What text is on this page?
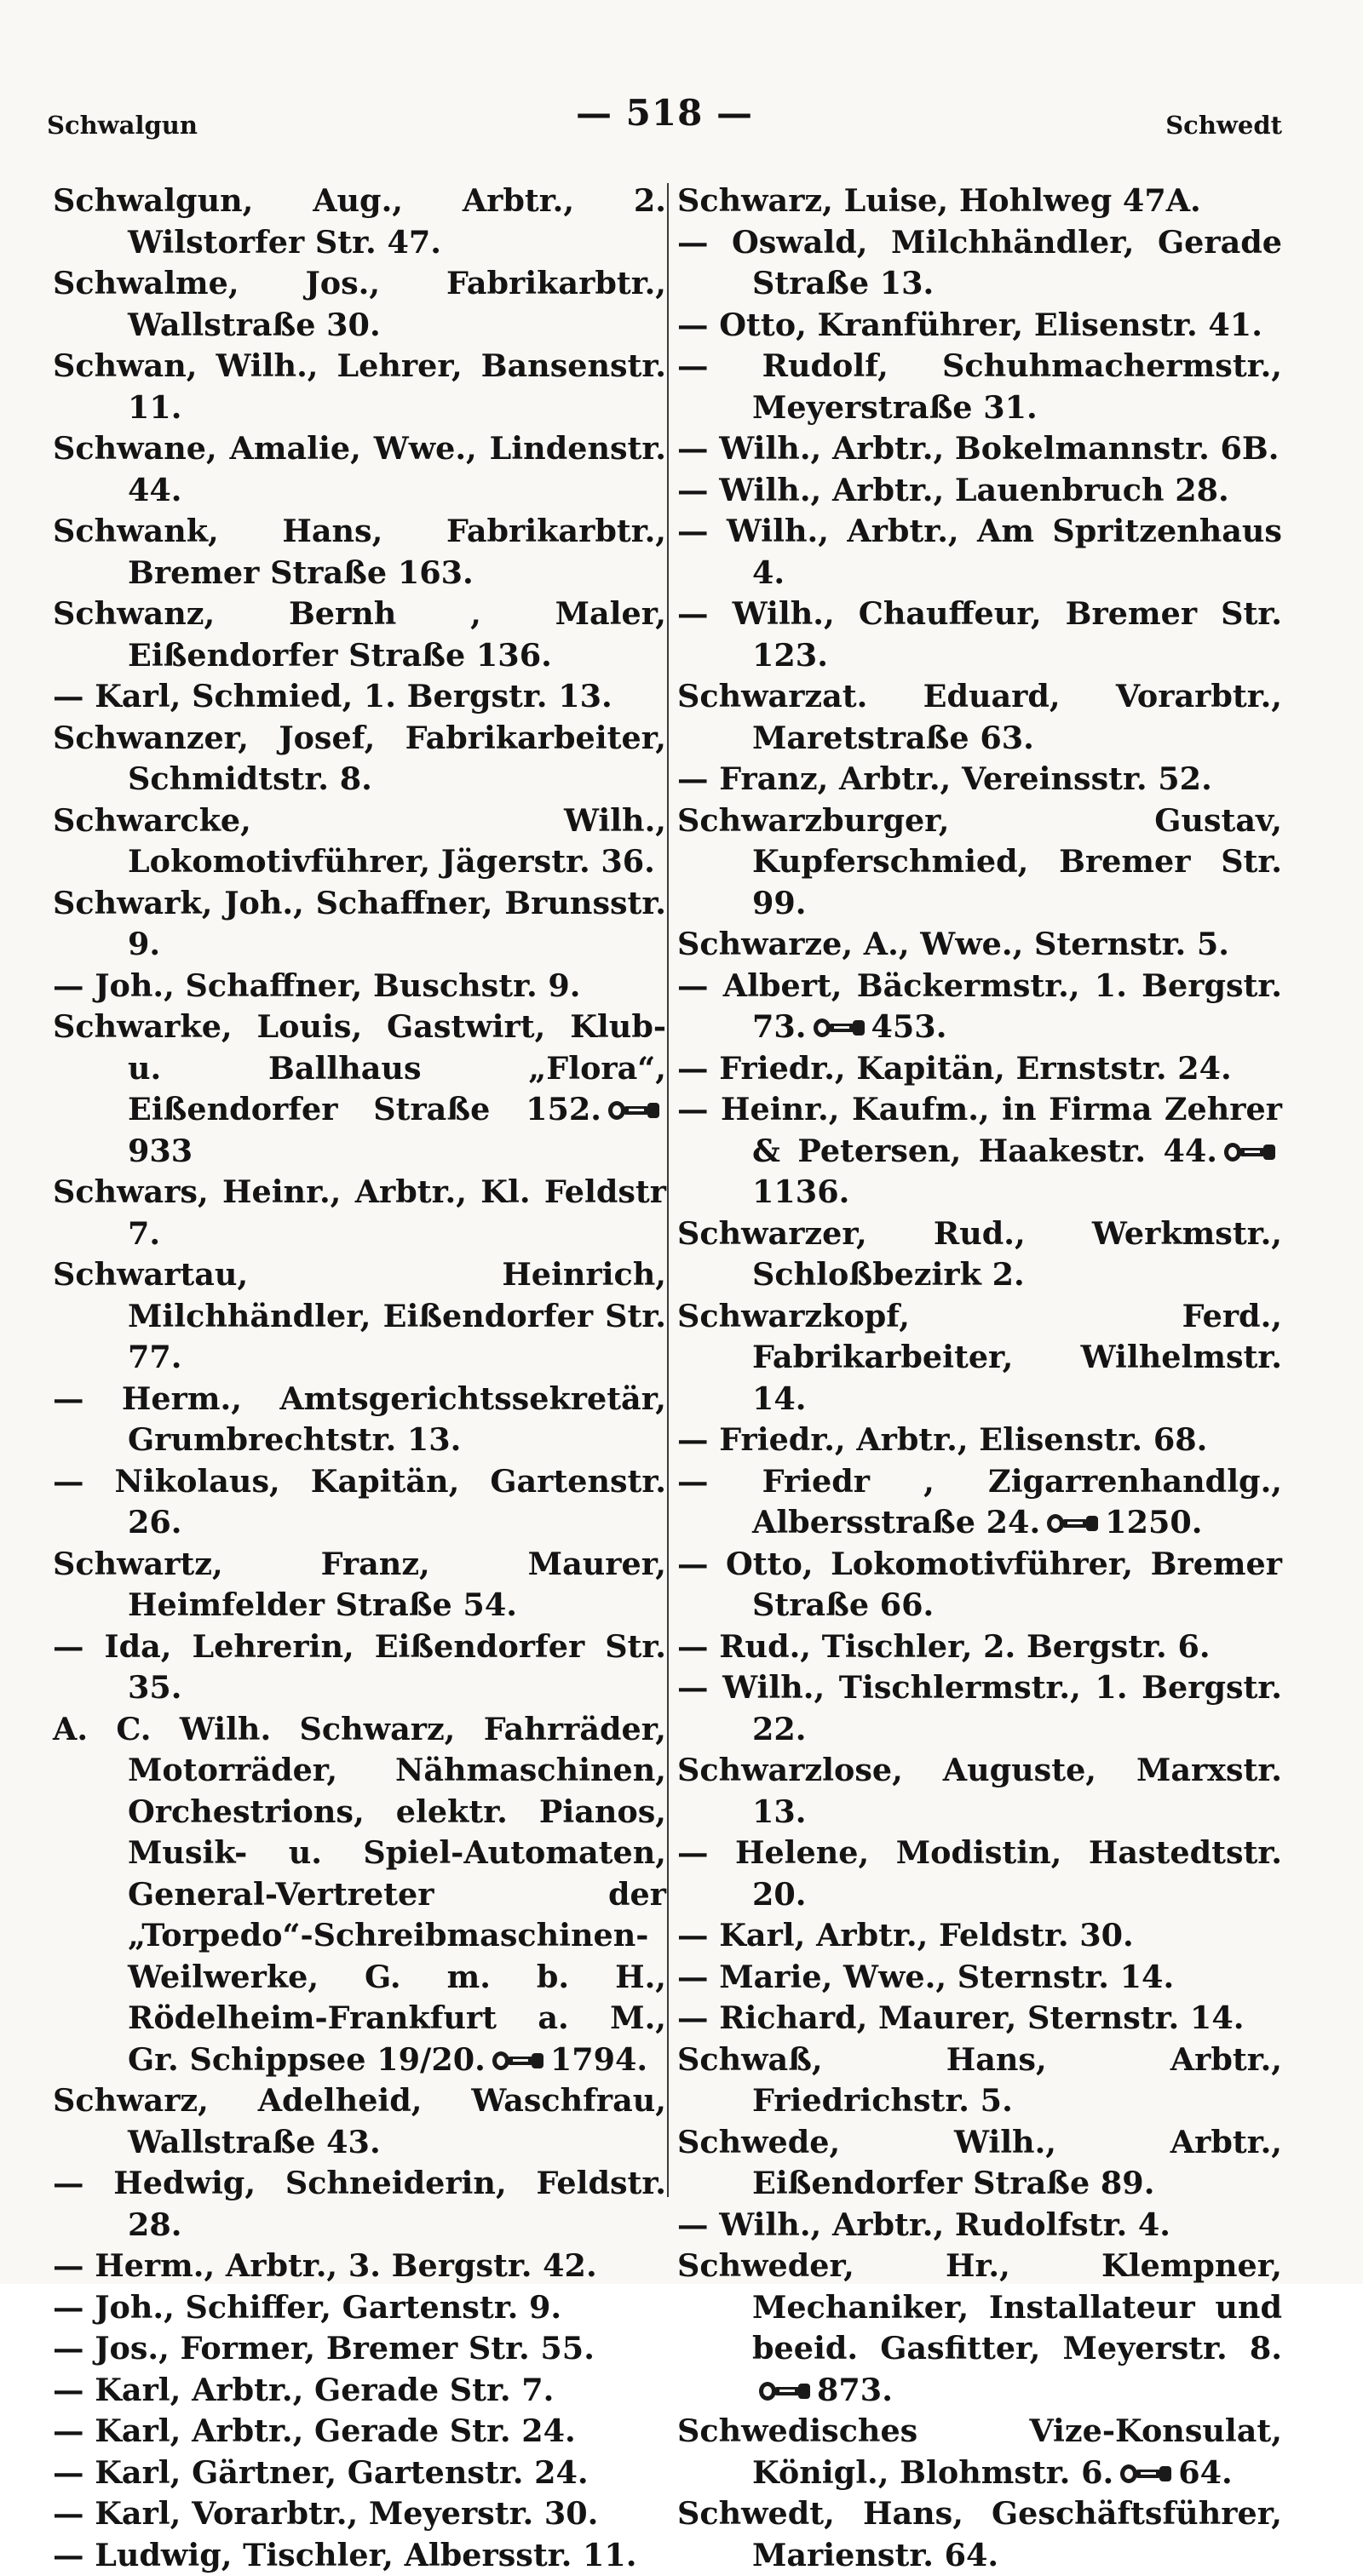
Schwalgun	— 518 —	Schwedt
Schwalgun, Aug., Arbtr., 2. Wilstorfer Str. 47.
Schwalme, Jos., Fabrikarbtr., Wallstraße 30.
Schwan, Wilh., Lehrer, Bansenstr. 11.
Schwane, Amalie, Wwe., Lindenstr. 44.
Schwank, Hans, Fabrikarbtr., Bremer Straße 163.
Schwanz, Bernh , Maler, Eißendorfer Straße 136.
— Karl, Schmied, 1. Bergstr. 13.
Schwanzer, Josef, Fabrikarbeiter, Schmidtstr. 8.
Schwarcke, Wilh., Lokomotivführer, Jägerstr. 36.
Schwark, Joh., Schaffner, Brunsstr. 9.
— Joh., Schaffner, Buschstr. 9.
Schwarke, Louis, Gastwirt, Klub- u. Ballhaus „Flora“, Eißendorfer Straße 152.933
Schwars, Heinr., Arbtr., Kl. Feldstr 7.
Schwartau, Heinrich, Milchhändler, Eißendorfer Str. 77.
— Herm., Amtsgerichtssekretär, Grumbrechtstr. 13.
— Nikolaus, Kapitän, Gartenstr. 26.
Schwartz, Franz, Maurer, Heimfelder Straße 54.
— Ida, Lehrerin, Eißendorfer Str. 35.
A. C. Wilh. Schwarz, Fahrräder, Motorräder, Nähmaschinen, Orchestrions, elektr. Pianos, Musik- u. Spiel-Automaten, General-Vertreter der „Torpedo“-Schreibmaschinen-Weilwerke, G. m. b. H., Rödelheim-Frankfurt a. M., Gr. Schippsee 19/20. 1794.
Schwarz, Adelheid, Waschfrau, Wallstraße 43.
— Hedwig, Schneiderin, Feldstr. 28.
— Herm., Arbtr., 3. Bergstr. 42.
— Joh., Schiffer, Gartenstr. 9.
— Jos., Former, Bremer Str. 55.
— Karl, Arbtr., Gerade Str. 7.
— Karl, Arbtr., Gerade Str. 24.
— Karl, Gärtner, Gartenstr. 24.
— Karl, Vorarbtr., Meyerstr. 30.
— Ludwig, Tischler, Albersstr. 11.
Schwarz, Luise, Hohlweg 47A.
— Oswald, Milchhändler, Gerade Straße 13.
— Otto, Kranführer, Elisenstr. 41.
— Rudolf, Schuhmachermstr., Meyerstraße 31.
— Wilh., Arbtr., Bokelmannstr. 6B.
— Wilh., Arbtr., Lauenbruch 28.
— Wilh., Arbtr., Am Spritzenhaus 4.
— Wilh., Chauffeur, Bremer Str. 123.
Schwarzat. Eduard, Vorarbtr., Maretstraße 63.
— Franz, Arbtr., Vereinsstr. 52.
Schwarzburger, Gustav, Kupferschmied, Bremer Str. 99.
Schwarze, A., Wwe., Sternstr. 5.
— Albert, Bäckermstr., 1. Bergstr. 73. 453.
— Friedr., Kapitän, Ernststr. 24.
— Heinr., Kaufm., in Firma Zehrer & Petersen, Haakestr. 44.1136.
Schwarzer, Rud., Werkmstr., Schloßbezirk 2.
Schwarzkopf, Ferd., Fabrikarbeiter, Wilhelmstr. 14.
— Friedr., Arbtr., Elisenstr. 68.
— Friedr , Zigarrenhandlg., Albersstraße 24. 1250.
— Otto, Lokomotivführer, Bremer Straße 66.
— Rud., Tischler, 2. Bergstr. 6.
— Wilh., Tischlermstr., 1. Bergstr. 22.
Schwarzlose, Auguste, Marxstr. 13.
— Helene, Modistin, Hastedtstr. 20.
— Karl, Arbtr., Feldstr. 30.
— Marie, Wwe., Sternstr. 14.
— Richard, Maurer, Sternstr. 14.
Schwaß, Hans, Arbtr., Friedrichstr. 5.
Schwede, Wilh., Arbtr., Eißendorfer Straße 89.
— Wilh., Arbtr., Rudolfstr. 4.
Schweder, Hr., Klempner, Mechaniker, Installateur und beeid. Gasfitter, Meyerstr. 8.873.
Schwedisches Vize-Konsulat, Königl., Blohmstr. 6. 64.
Schwedt, Hans, Geschäftsführer, Marienstr. 64.
